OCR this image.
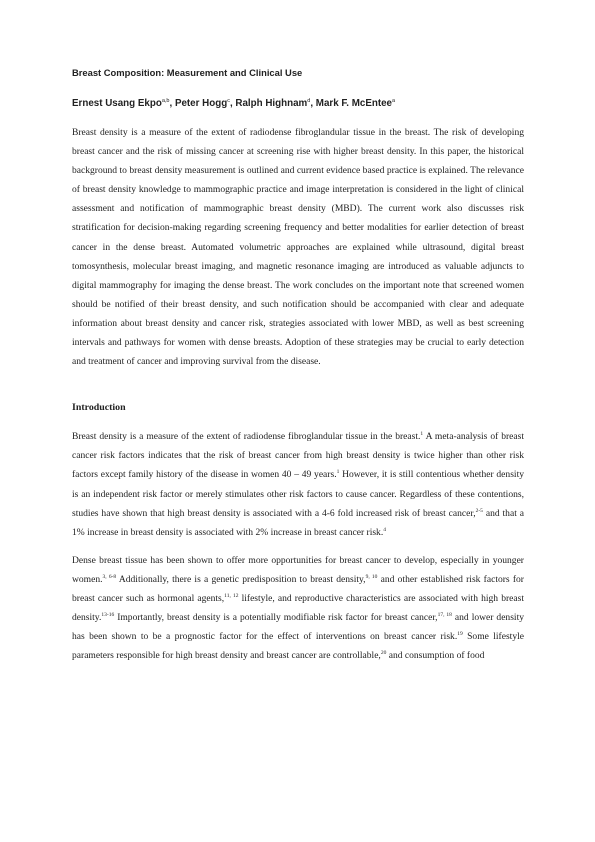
Breast Composition: Measurement and Clinical Use
Ernest Usang Ekpo$^{a,b}$, Peter Hogg$^c$, Ralph Highnam$^d$, Mark F. McEntee$^a$

Breast density is a measure of the extent of radiodense fibroglandular tissue in the breast. The risk of developing breast cancer and the risk of missing cancer at screening rise with higher breast density. In this paper, the historical background to breast density measurement is outlined and current evidence based practice is explained. The relevance of breast density knowledge to mammographic practice and image interpretation is considered in the light of clinical assessment and notification of mammographic breast density (MBD). The current work also discusses risk stratification for decision-making regarding screening frequency and better modalities for earlier detection of breast cancer in the dense breast. Automated volumetric approaches are explained while ultrasound, digital breast tomosynthesis, molecular breast imaging, and magnetic resonance imaging are introduced as valuable adjuncts to digital mammography for imaging the dense breast. The work concludes on the important note that screened women should be notified of their breast density, and such notification should be accompanied with clear and adequate information about breast density and cancer risk, strategies associated with lower MBD, as well as best screening intervals and pathways for women with dense breasts. Adoption of these strategies may be crucial to early detection and treatment of cancer and improving survival from the disease.

Introduction

Breast density is a measure of the extent of radiodense fibroglandular tissue in the breast.$^1$ A meta-analysis of breast cancer risk factors indicates that the risk of breast cancer from high breast density is twice higher than other risk factors except family history of the disease in women 40 – 49 years.$^1$ However, it is still contentious whether density is an independent risk factor or merely stimulates other risk factors to cause cancer. Regardless of these contentions, studies have shown that high breast density is associated with a 4-6 fold increased risk of breast cancer,$^{2-5}$ and that a 1% increase in breast density is associated with 2% increase in breast cancer risk.$^4$

Dense breast tissue has been shown to offer more opportunities for breast cancer to develop, especially in younger women.$^{3, 6-8}$ Additionally, there is a genetic predisposition to breast density,$^{9, 10}$ and other established risk factors for breast cancer such as hormonal agents,$^{11, 12}$ lifestyle, and reproductive characteristics are associated with high breast density.$^{13-16}$ Importantly, breast density is a potentially modifiable risk factor for breast cancer,$^{17, 18}$ and lower density has been shown to be a prognostic factor for the effect of interventions on breast cancer risk.$^{19}$ Some lifestyle parameters responsible for high breast density and breast cancer are controllable,$^{20}$ and consumption of food
